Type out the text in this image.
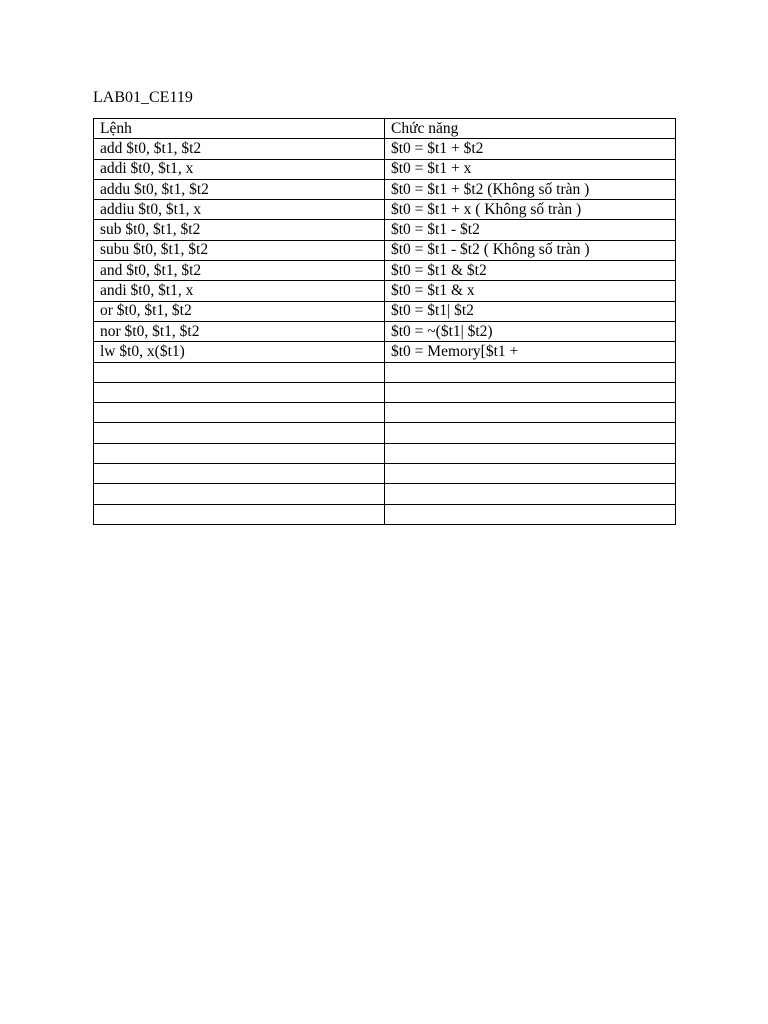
LAB01_CE119
Lệnh	Chức năng
add $t0, $t1, $t2	$t0 = $t1 + $t2
addi $t0, $t1, x	$t0 = $t1 + x
addu $t0, $t1, $t2	$t0 = $t1 + $t2 (Không số tràn )
addiu $t0, $t1, x	$t0 = $t1 + x ( Không số tràn )
sub $t0, $t1, $t2	$t0 = $t1 - $t2
subu $t0, $t1, $t2	$t0 = $t1 - $t2 ( Không số tràn )
and $t0, $t1, $t2	$t0 = $t1 & $t2
andi $t0, $t1, x	$t0 = $t1 & x
or $t0, $t1, $t2	$t0 = $t1| $t2
nor $t0, $t1, $t2	$t0 = ~($t1| $t2)
lw $t0, x($t1)	$t0 = Memory[$t1 +
